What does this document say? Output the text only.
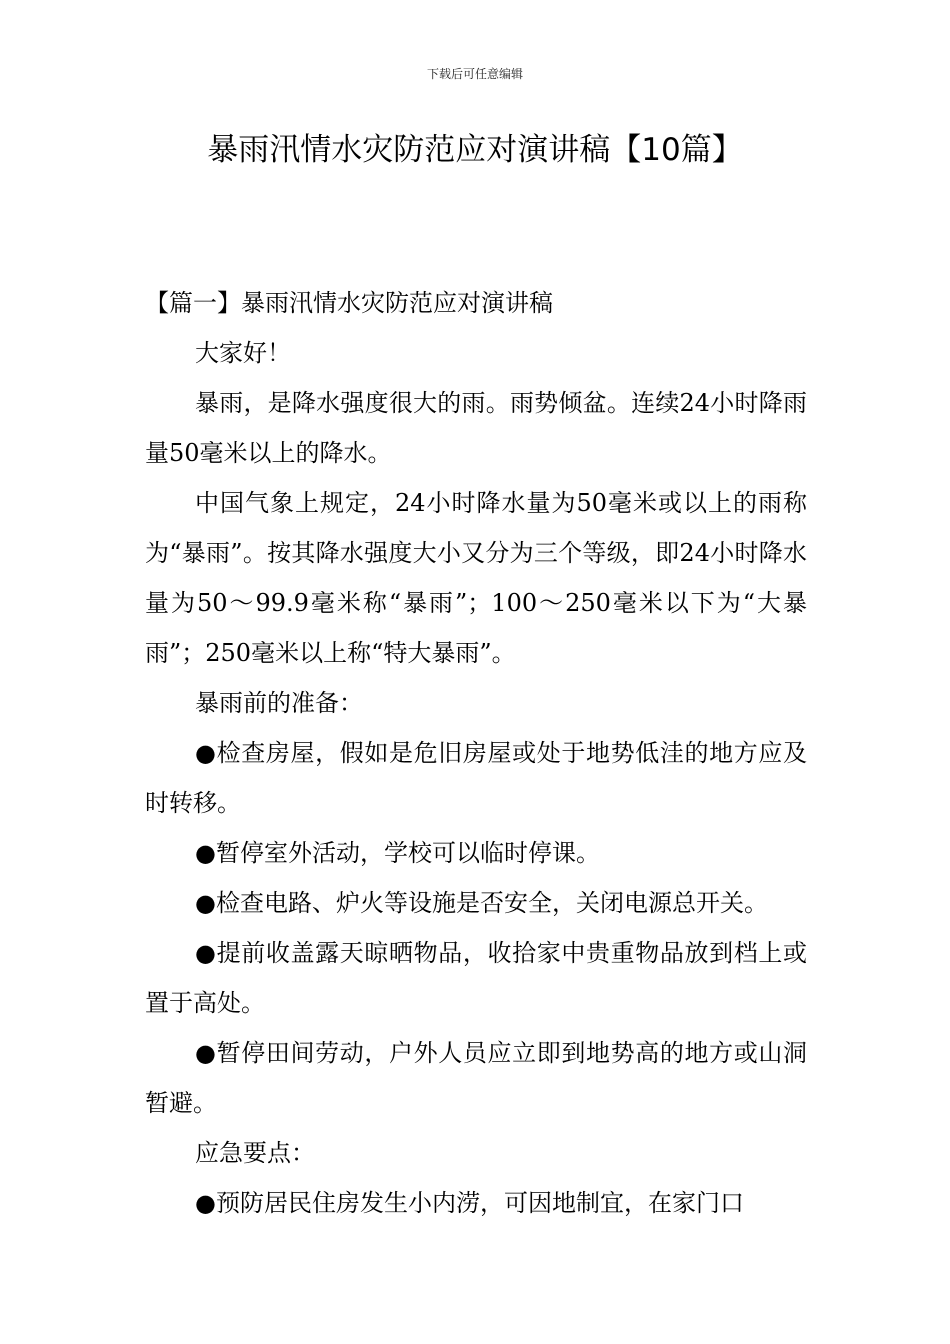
下载后可任意编辑
暴雨汛情水灾防范应对演讲稿【10篇】

【篇一】暴雨汛情水灾防范应对演讲稿

大家好！

暴雨，是降水强度很大的雨。雨势倾盆。连续24小时降雨量50毫米以上的降水。

中国气象上规定，24小时降水量为50毫米或以上的雨称为“暴雨”。按其降水强度大小又分为三个等级，即24小时降水量为50～99.9毫米称“暴雨”；100～250毫米以下为“大暴雨”；250毫米以上称“特大暴雨”。

暴雨前的准备：

●检查房屋，假如是危旧房屋或处于地势低洼的地方应及时转移。

●暂停室外活动，学校可以临时停课。

●检查电路、炉火等设施是否安全，关闭电源总开关。

●提前收盖露天晾晒物品，收拾家中贵重物品放到档上或置于高处。

●暂停田间劳动，户外人员应立即到地势高的地方或山洞暂避。

应急要点：

●预防居民住房发生小内涝，可因地制宜，在家门口
